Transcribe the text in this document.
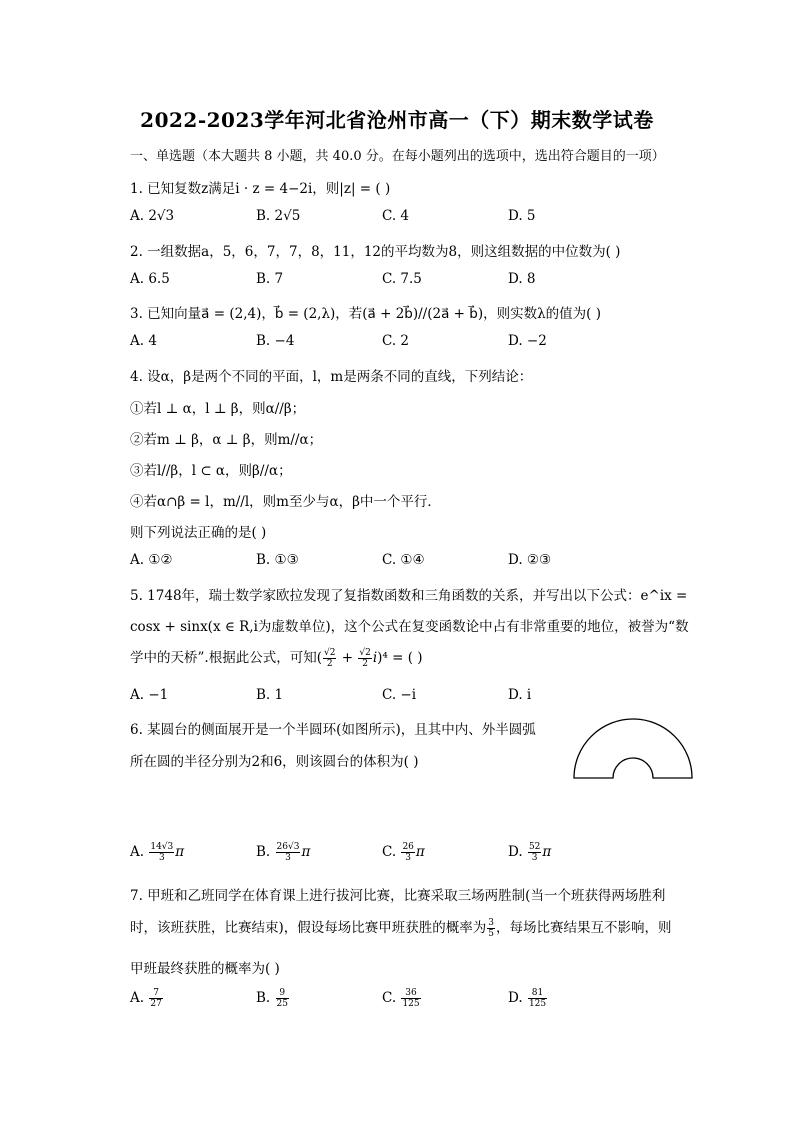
2022-2023学年河北省沧州市高一（下）期末数学试卷
一、单选题（本大题共 8 小题，共 40.0 分。在每小题列出的选项中，选出符合题目的一项）
1. 已知复数z满足i · z = 4−2i，则|z| = ( )
A. 2√3	B. 2√5	C. 4	D. 5
2. 一组数据a，5，6，7，7，8，11，12的平均数为8，则这组数据的中位数为( )
A. 6.5	B. 7	C. 7.5	D. 8
3. 已知向量a⃗ = (2,4)，b⃗ = (2,λ)，若(a⃗ + 2b⃗)//(2a⃗ + b⃗)，则实数λ的值为( )
A. 4	B. −4	C. 2	D. −2
4. 设α，β是两个不同的平面，l，m是两条不同的直线，下列结论：
①若l ⊥ α，l ⊥ β，则α//β；
②若m ⊥ β，α ⊥ β，则m//α；
③若l//β，l ⊂ α，则β//α；
④若α∩β = l，m//l，则m至少与α，β中一个平行．
则下列说法正确的是( )
A. ①②	B. ①③	C. ①④	D. ②③
5. 1748年，瑞士数学家欧拉发现了复指数函数和三角函数的关系，并写出以下公式：e^ix =
cosx + sinx(x ∈ R,i为虚数单位)，这个公式在复变函数论中占有非常重要的地位，被誉为“数
学中的天桥”.根据此公式，可知( $\frac{√2}{2} + \frac{√2}{2} i)^4$ = ( )
A. −1	B. 1	C. −i	D. i
6. 某圆台的侧面展开是一个半圆环(如图所示)，且其中内、外半圆弧
所在圆的半径分别为2和6，则该圆台的体积为( )
A. $\frac{14√3}{3}$ π	B. $\frac{26√3}{3}$ π	C. $\frac{26}{3}$ π	D. $\frac{52}{3}$ π
7. 甲班和乙班同学在体育课上进行拔河比赛，比赛采取三场两胜制(当一个班获得两场胜利
时，该班获胜，比赛结束)，假设每场比赛甲班获胜的概率为 $\frac{3}{5}$ ，每场比赛结果互不影响，则
甲班最终获胜的概率为( )
A. $\frac{7}{27}$	B. $\frac{9}{25}$	C. $\frac{36}{125}$	D. $\frac{81}{125}$
